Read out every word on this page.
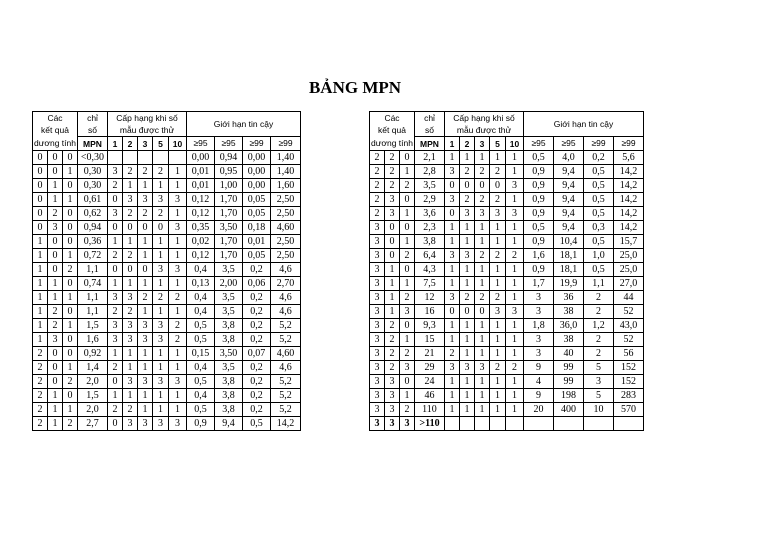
BẢNG MPN
Các			chỉ	Cấp hạng khi số					Giới hạn tin cậy			
kết quả			số	mẫu được thử								
dương tính			MPN	1	2	3	5	10	≥95	≥95	≥99	≥99
0	0	0	<0,30						0,00	0,94	0,00	1,40
0	0	1	0,30	3	2	2	2	1	0,01	0,95	0,00	1,40
0	1	0	0,30	2	1	1	1	1	0,01	1,00	0,00	1,60
0	1	1	0,61	0	3	3	3	3	0,12	1,70	0,05	2,50
0	2	0	0,62	3	2	2	2	1	0,12	1,70	0,05	2,50
0	3	0	0,94	0	0	0	0	3	0,35	3,50	0,18	4,60
1	0	0	0,36	1	1	1	1	1	0,02	1,70	0,01	2,50
1	0	1	0,72	2	2	1	1	1	0,12	1,70	0,05	2,50
1	0	2	1,1	0	0	0	3	3	0,4	3,5	0,2	4,6
1	1	0	0,74	1	1	1	1	1	0,13	2,00	0,06	2,70
1	1	1	1,1	3	3	2	2	2	0,4	3,5	0,2	4,6
1	2	0	1,1	2	2	1	1	1	0,4	3,5	0,2	4,6
1	2	1	1,5	3	3	3	3	2	0,5	3,8	0,2	5,2
1	3	0	1,6	3	3	3	3	2	0,5	3,8	0,2	5,2
2	0	0	0,92	1	1	1	1	1	0,15	3,50	0,07	4,60
2	0	1	1,4	2	1	1	1	1	0,4	3,5	0,2	4,6
2	0	2	2,0	0	3	3	3	3	0,5	3,8	0,2	5,2
2	1	0	1,5	1	1	1	1	1	0,4	3,8	0,2	5,2
2	1	1	2,0	2	2	1	1	1	0,5	3,8	0,2	5,2
2	1	2	2,7	0	3	3	3	3	0,9	9,4	0,5	14,2
Các			chỉ	Cấp hạng khi số					Giới hạn tin cậy			
kết quả			số	mẫu được thử								
dương tính			MPN	1	2	3	5	10	≥95	≥95	≥99	≥99
2	2	0	2,1	1	1	1	1	1	0,5	4,0	0,2	5,6
2	2	1	2,8	3	2	2	2	1	0,9	9,4	0,5	14,2
2	2	2	3,5	0	0	0	0	3	0,9	9,4	0,5	14,2
2	3	0	2,9	3	2	2	2	1	0,9	9,4	0,5	14,2
2	3	1	3,6	0	3	3	3	3	0,9	9,4	0,5	14,2
3	0	0	2,3	1	1	1	1	1	0,5	9,4	0,3	14,2
3	0	1	3,8	1	1	1	1	1	0,9	10,4	0,5	15,7
3	0	2	6,4	3	3	2	2	2	1,6	18,1	1,0	25,0
3	1	0	4,3	1	1	1	1	1	0,9	18,1	0,5	25,0
3	1	1	7,5	1	1	1	1	1	1,7	19,9	1,1	27,0
3	1	2	12	3	2	2	2	1	3	36	2	44
3	1	3	16	0	0	0	3	3	3	38	2	52
3	2	0	9,3	1	1	1	1	1	1,8	36,0	1,2	43,0
3	2	1	15	1	1	1	1	1	3	38	2	52
3	2	2	21	2	1	1	1	1	3	40	2	56
3	2	3	29	3	3	3	2	2	9	99	5	152
3	3	0	24	1	1	1	1	1	4	99	3	152
3	3	1	46	1	1	1	1	1	9	198	5	283
3	3	2	110	1	1	1	1	1	20	400	10	570
3	3	3	>110									
